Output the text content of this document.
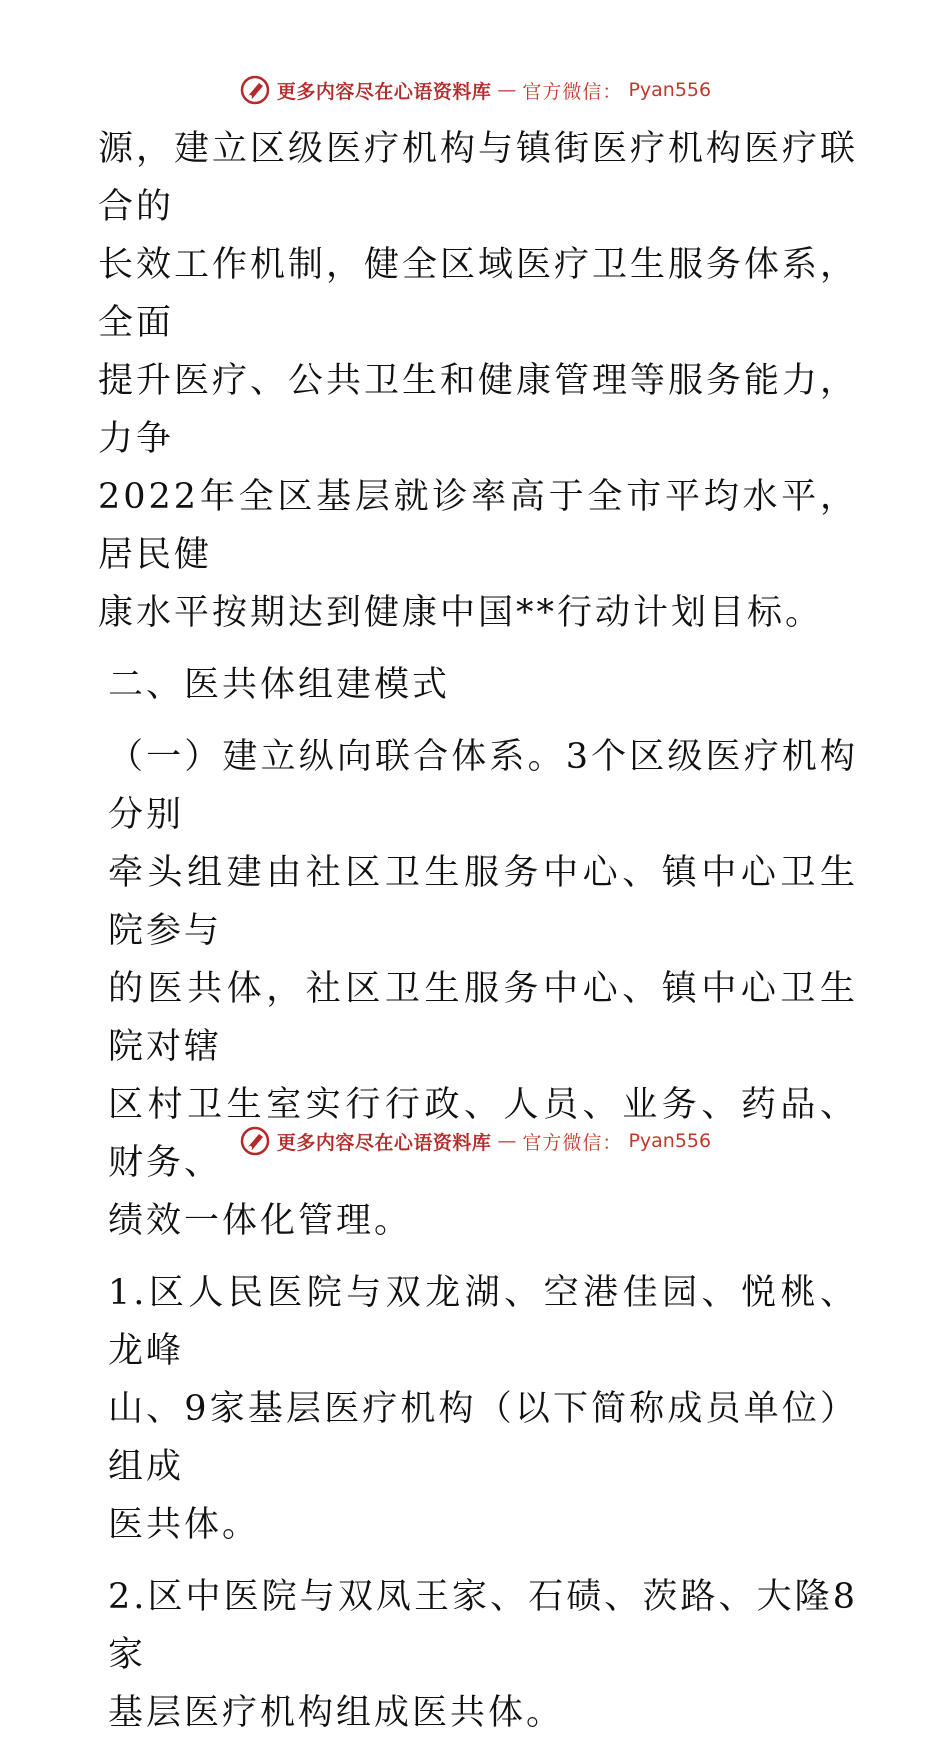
更多内容尽在心语资料库 — 官方微信： Pyan556
源，建立区级医疗机构与镇街医疗机构医疗联合的
长效工作机制，健全区域医疗卫生服务体系，全面
提升医疗、公共卫生和健康管理等服务能力，力争
2022年全区基层就诊率高于全市平均水平，居民健
康水平按期达到健康中国**行动计划目标。
二、医共体组建模式
（一）建立纵向联合体系。3个区级医疗机构分别
牵头组建由社区卫生服务中心、镇中心卫生院参与
的医共体，社区卫生服务中心、镇中心卫生院对辖
区村卫生室实行行政、人员、业务、药品、财务、
绩效一体化管理。
1.区人民医院与双龙湖、空港佳园、悦桃、龙峰
山、9家基层医疗机构（以下简称成员单位）组成
医共体。
2.区中医院与双凤王家、石碛、茨路、大隆8家
基层医疗机构组成医共体。
更多内容尽在心语资料库 — 官方微信： Pyan556
